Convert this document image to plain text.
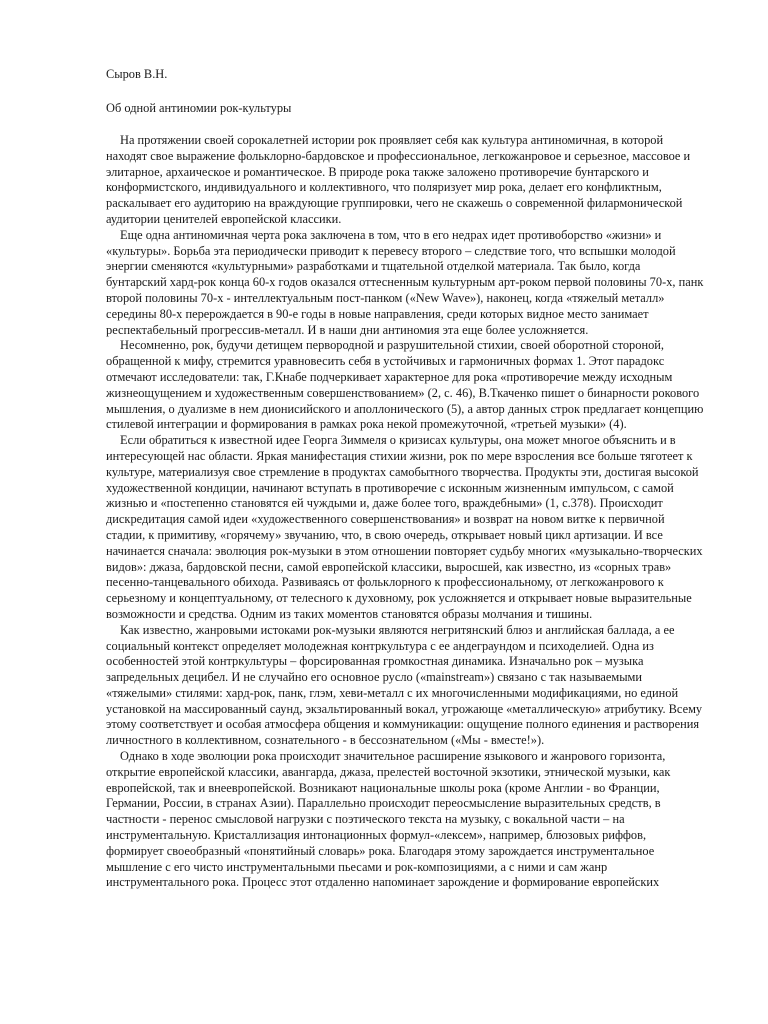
Сыров В.Н.
Об одной антиномии рок-культуры

На протяжении своей сорокалетней истории рок проявляет себя как культура антиномичная, в которой находят свое выражение фольклорно-бардовское и профессиональное, легкожанровое и серьезное, массовое и элитарное, архаическое и романтическое. В природе рока также заложено противоречие бунтарского и конформистского, индивидуального и коллективного, что поляризует мир рока, делает его конфликтным, раскалывает его аудиторию на враждующие группировки, чего не скажешь о современной филармонической аудитории ценителей европейской классики.

Еще одна антиномичная черта рока заключена в том, что в его недрах идет противоборство «жизни» и «культуры». Борьба эта периодически приводит к перевесу второго – следствие того, что вспышки молодой энергии сменяются «культурными» разработками и тщательной отделкой материала. Так было, когда бунтарский хард-рок конца 60-х годов оказался оттесненным культурным арт-роком первой половины 70-х, панк второй половины 70-х - интеллектуальным пост-панком («New Wave»), наконец, когда «тяжелый металл» середины 80-х перерождается в 90-е годы в новые направления, среди которых видное место занимает респектабельный прогрессив-металл. И в наши дни антиномия эта еще более усложняется.

Несомненно, рок, будучи детищем первородной и разрушительной стихии, своей оборотной стороной, обращенной к мифу, стремится уравновесить себя в устойчивых и гармоничных формах 1. Этот парадокс отмечают исследователи: так, Г.Кнабе подчеркивает характерное для рока «противоречие между исходным жизнеощущением и художественным совершенствованием» (2, с. 46), В.Ткаченко пишет о бинарности рокового мышления, о дуализме в нем дионисийского и аполлонического (5), а автор данных строк предлагает концепцию стилевой интеграции и формирования в рамках рока некой промежуточной, «третьей музыки» (4).

Если обратиться к известной идее Георга Зиммеля о кризисах культуры, она может многое объяснить и в интересующей нас области. Яркая манифестация стихии жизни, рок по мере взросления все больше тяготеет к культуре, материализуя свое стремление в продуктах самобытного творчества. Продукты эти, достигая высокой художественной кондиции, начинают вступать в противоречие с исконным жизненным импульсом, с самой жизнью и «постепенно становятся ей чуждыми и, даже более того, враждебными» (1, с.378). Происходит дискредитация самой идеи «художественного совершенствования» и возврат на новом витке к первичной стадии, к примитиву, «горячему» звучанию, что, в свою очередь, открывает новый цикл артизации. И все начинается сначала: эволюция рок-музыки в этом отношении повторяет судьбу многих «музыкально-творческих видов»: джаза, бардовской песни, самой европейской классики, выросшей, как известно, из «сорных трав» песенно-танцевального обихода. Развиваясь от фольклорного к профессиональному, от легкожанрового к серьезному и концептуальному, от телесного к духовному, рок усложняется и открывает новые выразительные возможности и средства. Одним из таких моментов становятся образы молчания и тишины.

Как известно, жанровыми истоками рок-музыки являются негритянский блюз и английская баллада, а ее социальный контекст определяет молодежная контркультура с ее андеграундом и психоделией. Одна из особенностей этой контркультуры – форсированная громкостная динамика. Изначально рок – музыка запредельных децибел. И не случайно его основное русло («mainstream») связано с так называемыми «тяжелыми» стилями: хард-рок, панк, глэм, хеви-металл с их многочисленными модификациями, но единой установкой на массированный саунд, экзальтированный вокал, угрожающе «металлическую» атрибутику. Всему этому соответствует и особая атмосфера общения и коммуникации: ощущение полного единения и растворения личностного в коллективном, сознательного - в бессознательном («Мы - вместе!»).

Однако в ходе эволюции рока происходит значительное расширение языкового и жанрового горизонта, открытие европейской классики, авангарда, джаза, прелестей восточной экзотики, этнической музыки, как европейской, так и внеевропейской. Возникают национальные школы рока (кроме Англии - во Франции, Германии, России, в странах Азии). Параллельно происходит переосмысление выразительных средств, в частности - перенос смысловой нагрузки с поэтического текста на музыку, с вокальной части – на инструментальную. Кристаллизация интонационных формул-«лексем», например, блюзовых риффов, формирует своеобразный «понятийный словарь» рока. Благодаря этому зарождается инструментальное мышление с его чисто инструментальными пьесами и рок-композициями, а с ними и сам жанр инструментального рока. Процесс этот отдаленно напоминает зарождение и формирование европейских
